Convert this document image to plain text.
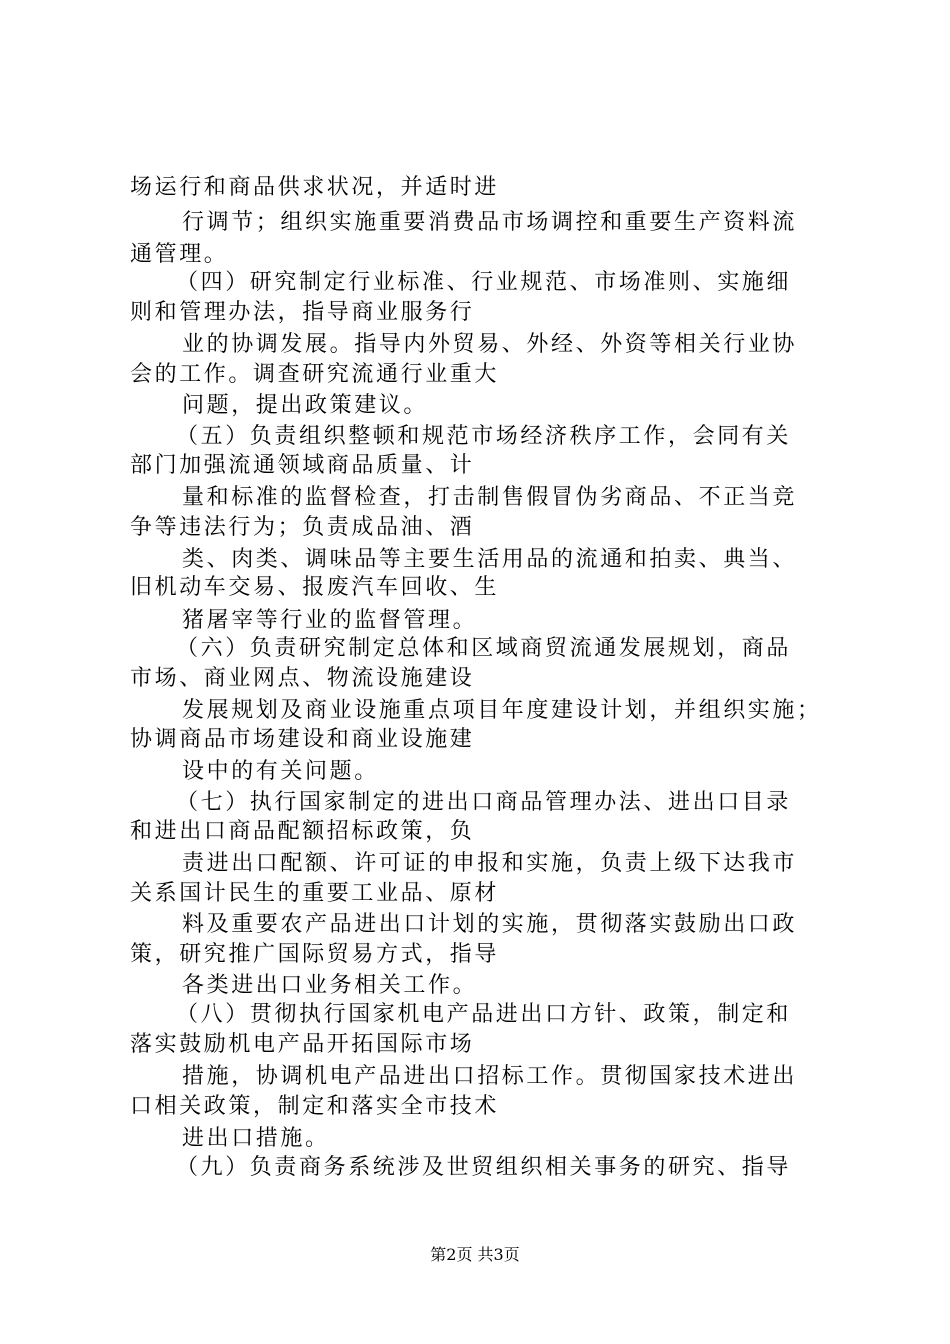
场运行和商品供求状况，并适时进
行调节；组织实施重要消费品市场调控和重要生产资料流
通管理。
（四）研究制定行业标准、行业规范、市场准则、实施细
则和管理办法，指导商业服务行
业的协调发展。指导内外贸易、外经、外资等相关行业协
会的工作。调查研究流通行业重大
问题，提出政策建议。
（五）负责组织整顿和规范市场经济秩序工作，会同有关
部门加强流通领域商品质量、计
量和标准的监督检查，打击制售假冒伪劣商品、不正当竞
争等违法行为；负责成品油、酒
类、肉类、调味品等主要生活用品的流通和拍卖、典当、
旧机动车交易、报废汽车回收、生
猪屠宰等行业的监督管理。
（六）负责研究制定总体和区域商贸流通发展规划，商品
市场、商业网点、物流设施建设
发展规划及商业设施重点项目年度建设计划，并组织实施；
协调商品市场建设和商业设施建
设中的有关问题。
（七）执行国家制定的进出口商品管理办法、进出口目录
和进出口商品配额招标政策，负
责进出口配额、许可证的申报和实施，负责上级下达我市
关系国计民生的重要工业品、原材
料及重要农产品进出口计划的实施，贯彻落实鼓励出口政
策，研究推广国际贸易方式，指导
各类进出口业务相关工作。
（八）贯彻执行国家机电产品进出口方针、政策，制定和
落实鼓励机电产品开拓国际市场
措施，协调机电产品进出口招标工作。贯彻国家技术进出
口相关政策，制定和落实全市技术
进出口措施。
（九）负责商务系统涉及世贸组织相关事务的研究、指导
第2页 共3页
